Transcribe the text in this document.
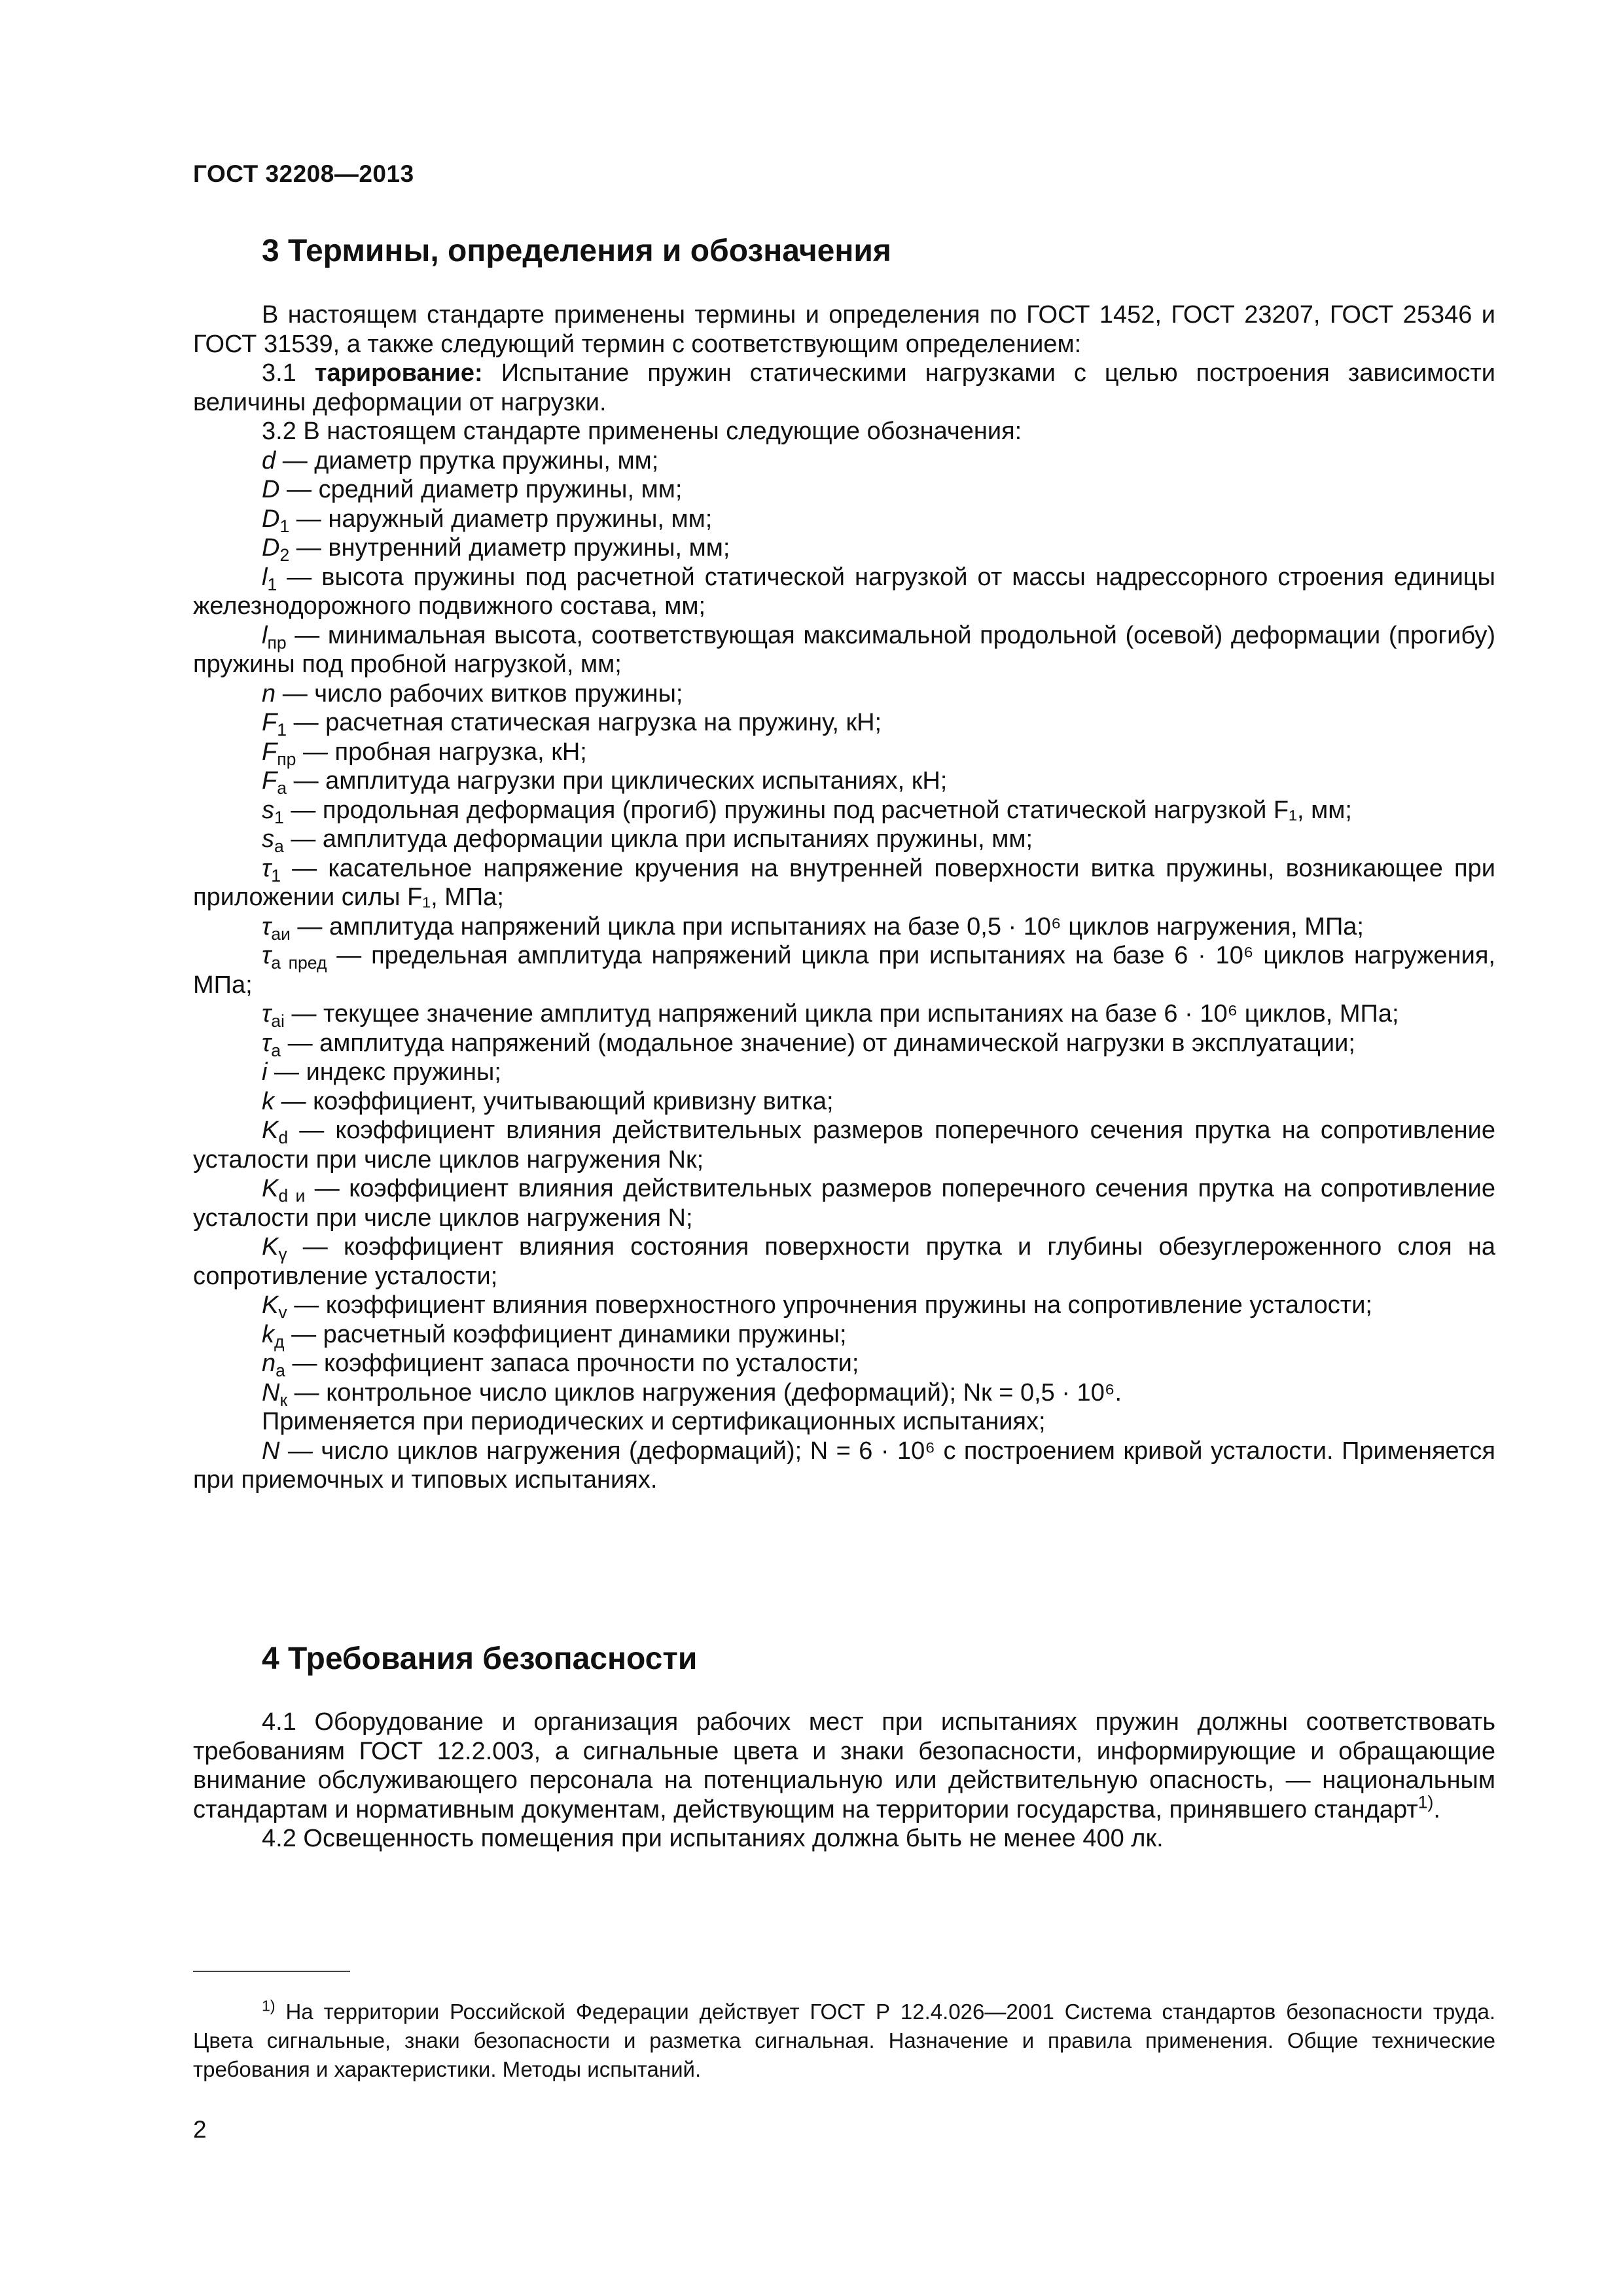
ГОСТ 32208—2013
3 Термины, определения и обозначения

В настоящем стандарте применены термины и определения по ГОСТ 1452, ГОСТ 23207, ГОСТ 25346 и ГОСТ 31539, а также следующий термин с соответствующим определением:

3.1 тарирование: Испытание пружин статическими нагрузками с целью построения зависимости величины деформации от нагрузки.

3.2 В настоящем стандарте применены следующие обозначения:

d — диаметр прутка пружины, мм;

D — средний диаметр пружины, мм;

$D_1$ — наружный диаметр пружины, мм;

$D_2$ — внутренний диаметр пружины, мм;

$l_1$ — высота пружины под расчетной статической нагрузкой от массы надрессорного строения единицы железнодорожного подвижного состава, мм;

$l_{пр}$ — минимальная высота, соответствующая максимальной продольной (осевой) деформации (прогибу) пружины под пробной нагрузкой, мм;

n — число рабочих витков пружины;

$F_1$ — расчетная статическая нагрузка на пружину, кН;

$F_{пр}$ — пробная нагрузка, кН;

$F_a$ — амплитуда нагрузки при циклических испытаниях, кН;

$s_1$ — продольная деформация (прогиб) пружины под расчетной статической нагрузкой F₁, мм;

$s_a$ — амплитуда деформации цикла при испытаниях пружины, мм;

$\tau_1$ — касательное напряжение кручения на внутренней поверхности витка пружины, возникающее при приложении силы F₁, МПа;

$\tau_{аи}$ — амплитуда напряжений цикла при испытаниях на базе 0,5 · 10⁶ циклов нагружения, МПа;

$\tau_{а пред}$ — предельная амплитуда напряжений цикла при испытаниях на базе 6 · 10⁶ циклов нагружения, МПа;

$\tau_{ai}$ — текущее значение амплитуд напряжений цикла при испытаниях на базе 6 · 10⁶ циклов, МПа;

$\tau_a$ — амплитуда напряжений (модальное значение) от динамической нагрузки в эксплуатации;

i — индекс пружины;

k — коэффициент, учитывающий кривизну витка;

$K_d$ — коэффициент влияния действительных размеров поперечного сечения прутка на сопротивление усталости при числе циклов нагружения Nк;

$K_{d и}$ — коэффициент влияния действительных размеров поперечного сечения прутка на сопротивление усталости при числе циклов нагружения N;

$K_\gamma$ — коэффициент влияния состояния поверхности прутка и глубины обезуглероженного слоя на сопротивление усталости;

$K_v$ — коэффициент влияния поверхностного упрочнения пружины на сопротивление усталости;

$k_д$ — расчетный коэффициент динамики пружины;

$n_a$ — коэффициент запаса прочности по усталости;

$N_к$ — контрольное число циклов нагружения (деформаций); Nк = 0,5 · 10⁶.

Применяется при периодических и сертификационных испытаниях;

N — число циклов нагружения (деформаций); N = 6 · 10⁶ с построением кривой усталости. Применяется при приемочных и типовых испытаниях.

4 Требования безопасности

4.1 Оборудование и организация рабочих мест при испытаниях пружин должны соответствовать требованиям ГОСТ 12.2.003, а сигнальные цвета и знаки безопасности, информирующие и обращающие внимание обслуживающего персонала на потенциальную или действительную опасность, — национальным стандартам и нормативным документам, действующим на территории государства, принявшего стандарт$^{1)}$.

4.2 Освещенность помещения при испытаниях должна быть не менее 400 лк.

$^{1)}$ На территории Российской Федерации действует ГОСТ Р 12.4.026—2001 Система стандартов безопасности труда. Цвета сигнальные, знаки безопасности и разметка сигнальная. Назначение и правила применения. Общие технические требования и характеристики. Методы испытаний.

2
